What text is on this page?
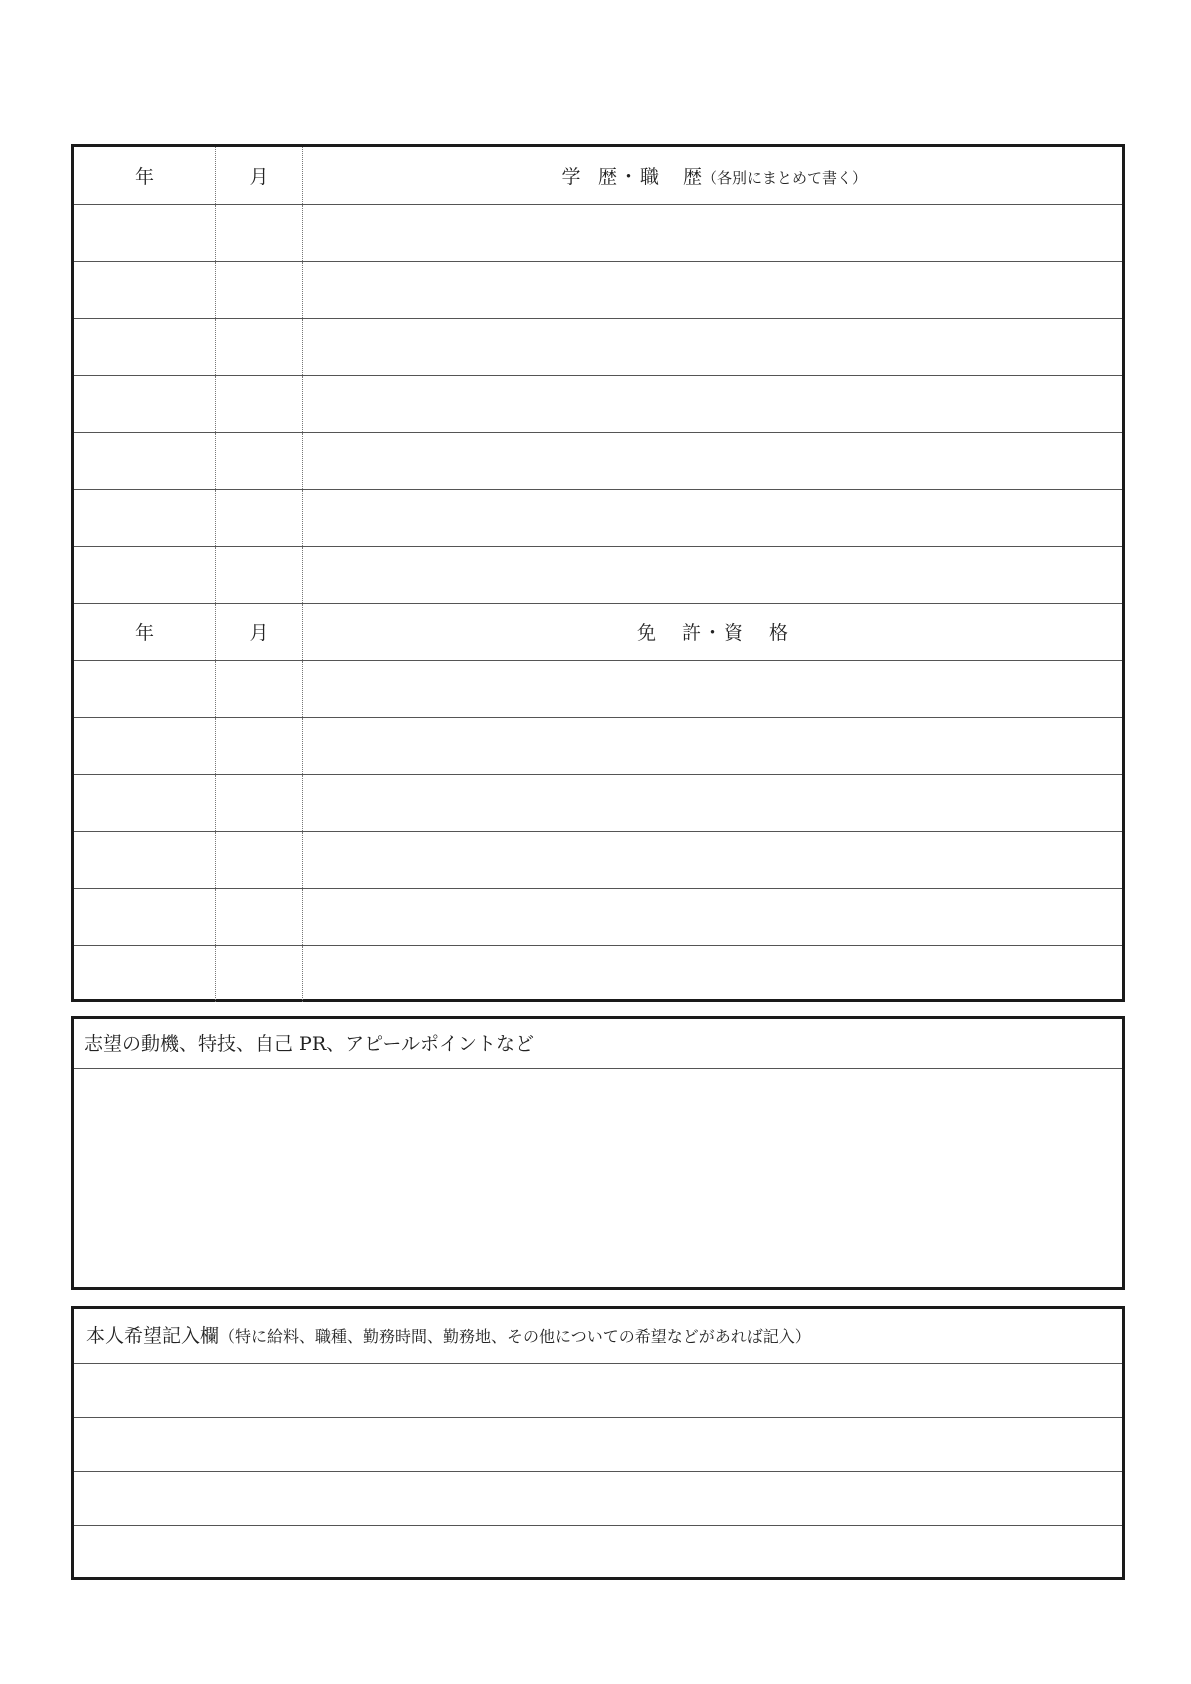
年	月	学 歴 ・ 職 歴（各別にまとめて書く）

年	月	免 許 ・ 資 格

志望の動機、特技、自己 PR、アピールポイントなど
本人希望記入欄（特に給料、職種、勤務時間、勤務地、その他についての希望などがあれば記入）
